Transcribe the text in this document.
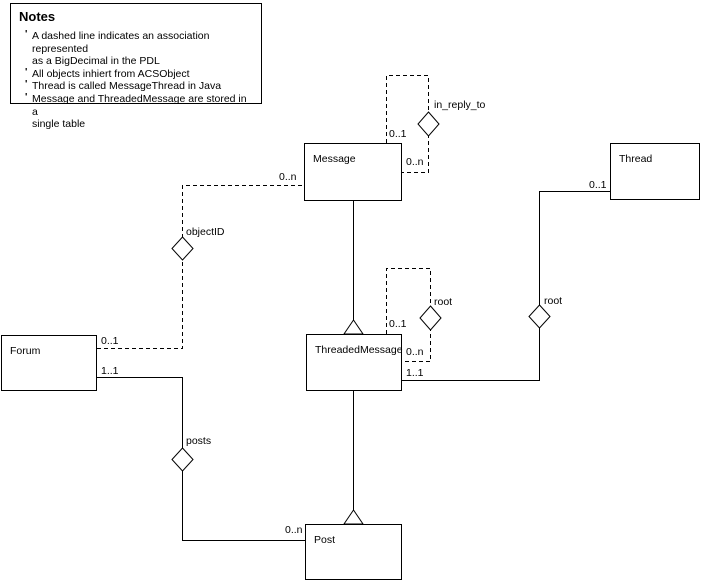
Notes
' A dashed line indicates an association represented
as a BigDecimal in the PDL
' All objects inhiert from ACSObject
' Thread is called MessageThread in Java
' Message and ThreadedMessage are stored in a
single table
Forum
Message
ThreadedMessage
Post
Thread
in_reply_to
objectID
root	root
posts
0..1
0..n
0..n
0..1
0..1
0..n
1..1
0..1
1..1
0..n
